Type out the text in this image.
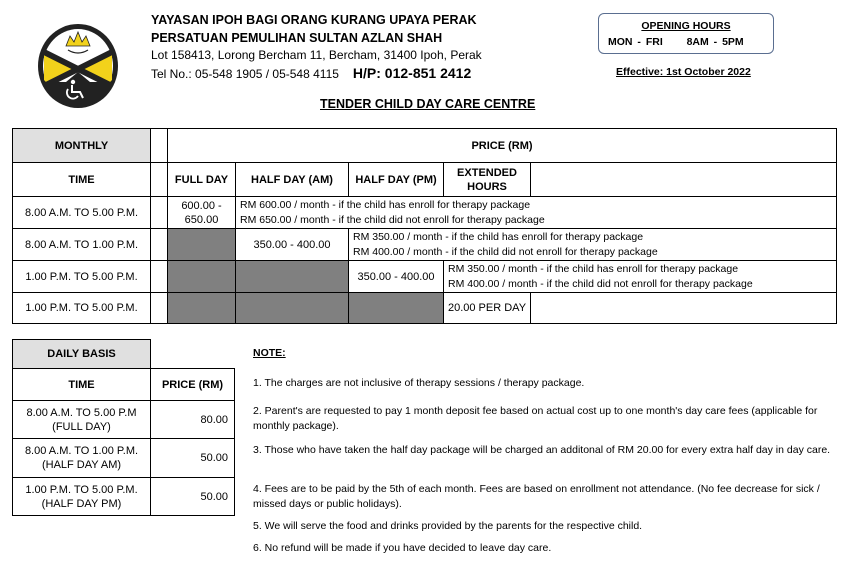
YAYASAN IPOH BAGI ORANG KURANG UPAYA PERAK
PERSATUAN PEMULIHAN SULTAN AZLAN SHAH
Lot 158413, Lorong Bercham 11, Bercham, 31400 Ipoh, Perak
Tel No.: 05-548 1905 / 05-548 4115 H/P: 012-851 2412
OPENING HOURS
MON - FRI 8AM - 5PM
Effective: 1st October 2022
TENDER CHILD DAY CARE CENTRE
MONTHLY		PRICE (RM)				
TIME		FULL DAY	HALF DAY (AM)	HALF DAY (PM)	EXTENDED HOURS	
8.00 A.M. TO 5.00 P.M.		600.00 - 650.00	RM 600.00 / month - if the child has enroll for therapy package
RM 650.00 / month - if the child did not enroll for therapy package			

8.00 A.M. TO 1.00 P.M.			350.00 - 400.00	RM 350.00 / month - if the child has enroll for therapy package
RM 400.00 / month - if the child did not enroll for therapy package		

1.00 P.M. TO 5.00 P.M.				350.00 - 400.00	RM 350.00 / month - if the child has enroll for therapy package
RM 400.00 / month - if the child did not enroll for therapy package	

1.00 P.M. TO 5.00 P.M.					20.00 PER DAY	
DAILY BASIS	
TIME	PRICE (RM)

8.00 A.M. TO 5.00 P.M
(FULL DAY)	80.00

8.00 A.M. TO 1.00 P.M.
(HALF DAY AM)	50.00

1.00 P.M. TO 5.00 P.M.
(HALF DAY PM)	50.00

NOTE:

1. The charges are not inclusive of therapy sessions / therapy package.

2. Parent's are requested to pay 1 month deposit fee based on actual cost up to one month's day care fees (applicable for monthly package).

3. Those who have taken the half day package will be charged an additonal of RM 20.00 for every extra half day in day care.

4. Fees are to be paid by the 5th of each month. Fees are based on enrollment not attendance. (No fee decrease for sick / missed days or public holidays).

5. We will serve the food and drinks provided by the parents for the respective child.

6. No refund will be made if you have decided to leave day care.
